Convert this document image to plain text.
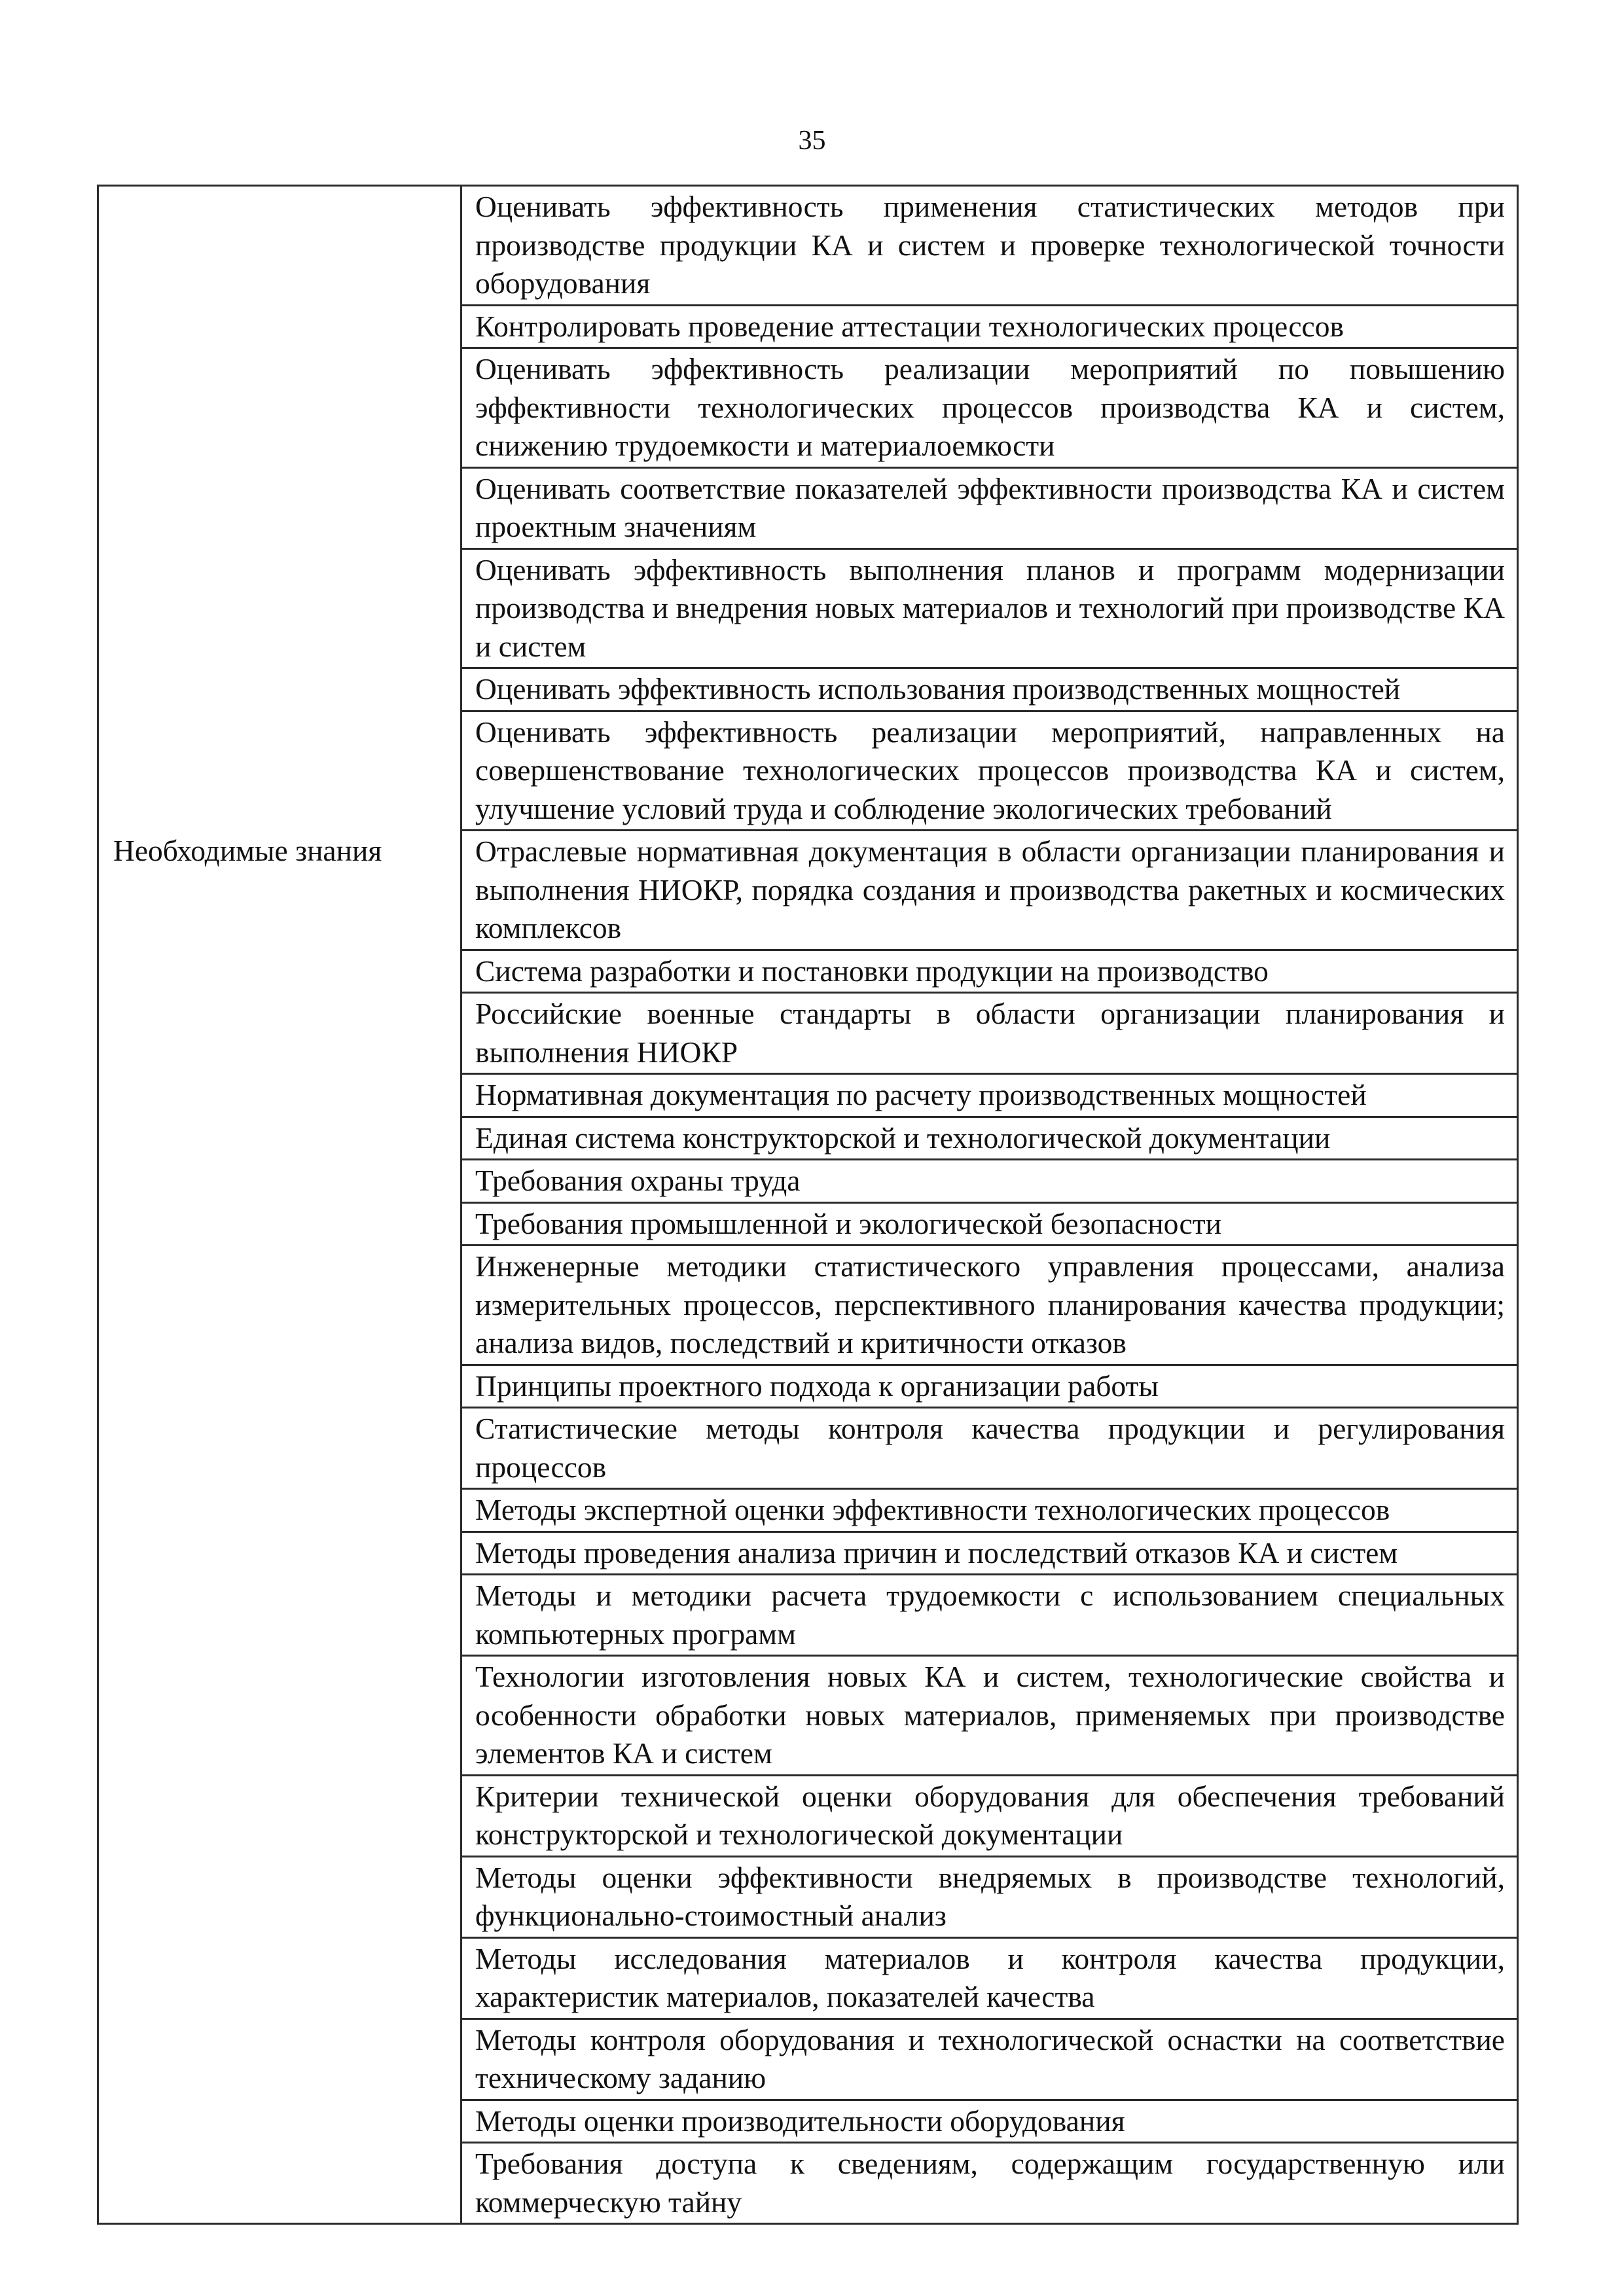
35
	Оценивать эффективность применения статистических методов при производстве продукции КА и систем и проверке технологической точности оборудования
	Контролировать проведение аттестации технологических процессов
	Оценивать эффективность реализации мероприятий по повышению эффективности технологических процессов производства КА и систем, снижению трудоемкости и материалоемкости
	Оценивать соответствие показателей эффективности производства КА и систем проектным значениям
	Оценивать эффективность выполнения планов и программ модернизации производства и внедрения новых материалов и технологий при производстве КА и систем
	Оценивать эффективность использования производственных мощностей
	Оценивать эффективность реализации мероприятий, направленных на совершенствование технологических процессов производства КА и систем, улучшение условий труда и соблюдение экологических требований
Необходимые знания	Отраслевые нормативная документация в области организации планирования и выполнения НИОКР, порядка создания и производства ракетных и космических комплексов
	Система разработки и постановки продукции на производство
	Российские военные стандарты в области организации планирования и выполнения НИОКР
	Нормативная документация по расчету производственных мощностей
	Единая система конструкторской и технологической документации
	Требования охраны труда
	Требования промышленной и экологической безопасности
	Инженерные методики статистического управления процессами, анализа измерительных процессов, перспективного планирования качества продукции; анализа видов, последствий и критичности отказов
	Принципы проектного подхода к организации работы
	Статистические методы контроля качества продукции и регулирования процессов
	Методы экспертной оценки эффективности технологических процессов
	Методы проведения анализа причин и последствий отказов КА и систем
	Методы и методики расчета трудоемкости с использованием специальных компьютерных программ
	Технологии изготовления новых КА и систем, технологические свойства и особенности обработки новых материалов, применяемых при производстве элементов КА и систем
	Критерии технической оценки оборудования для обеспечения требований конструкторской и технологической документации
	Методы оценки эффективности внедряемых в производстве технологий, функционально-стоимостный анализ
	Методы исследования материалов и контроля качества продукции, характеристик материалов, показателей качества
	Методы контроля оборудования и технологической оснастки на соответствие техническому заданию
	Методы оценки производительности оборудования
	Требования доступа к сведениям, содержащим государственную или коммерческую тайну
